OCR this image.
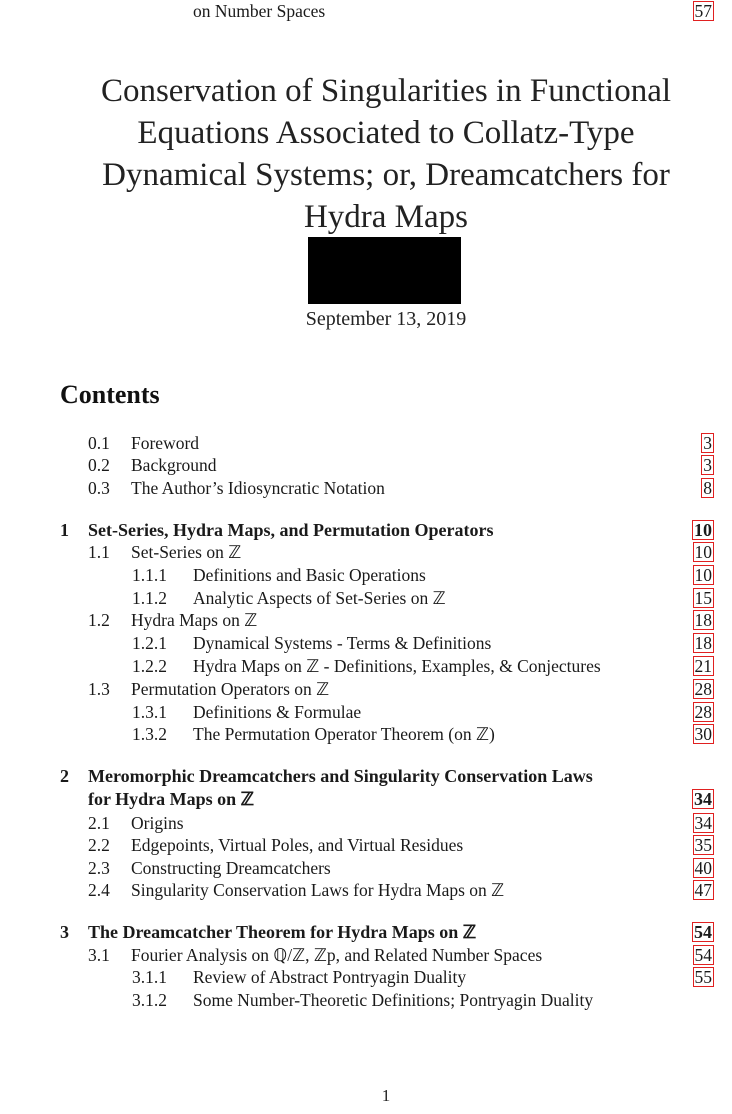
Conservation of Singularities in Functional
Equations Associated to Collatz-Type
Dynamical Systems; or, Dreamcatchers for
Hydra Maps
September 13, 2019
Contents
0.1 Foreword	3
0.2 Background	3
0.3 The Author’s Idiosyncratic Notation	8
1 Set-Series, Hydra Maps, and Permutation Operators	10
1.1 Set-Series on ℤ	10
1.1.1 Definitions and Basic Operations	10
1.1.2 Analytic Aspects of Set-Series on ℤ	15
1.2 Hydra Maps on ℤ	18
1.2.1 Dynamical Systems - Terms & Definitions	18
1.2.2 Hydra Maps on ℤ - Definitions, Examples, & Conjectures	21
1.3 Permutation Operators on ℤ	28
1.3.1 Definitions & Formulae	28
1.3.2 The Permutation Operator Theorem (on ℤ)	30
2 Meromorphic Dreamcatchers and Singularity Conservation Laws
for Hydra Maps on ℤ	34
2.1 Origins	34
2.2 Edgepoints, Virtual Poles, and Virtual Residues	35
2.3 Constructing Dreamcatchers	40
2.4 Singularity Conservation Laws for Hydra Maps on ℤ	47
3 The Dreamcatcher Theorem for Hydra Maps on ℤ	54
3.1 Fourier Analysis on ℚ/ℤ, ℤp, and Related Number Spaces	54
3.1.1 Review of Abstract Pontryagin Duality	55
3.1.2 Some Number-Theoretic Definitions; Pontryagin Duality
on Number Spaces	57
1
